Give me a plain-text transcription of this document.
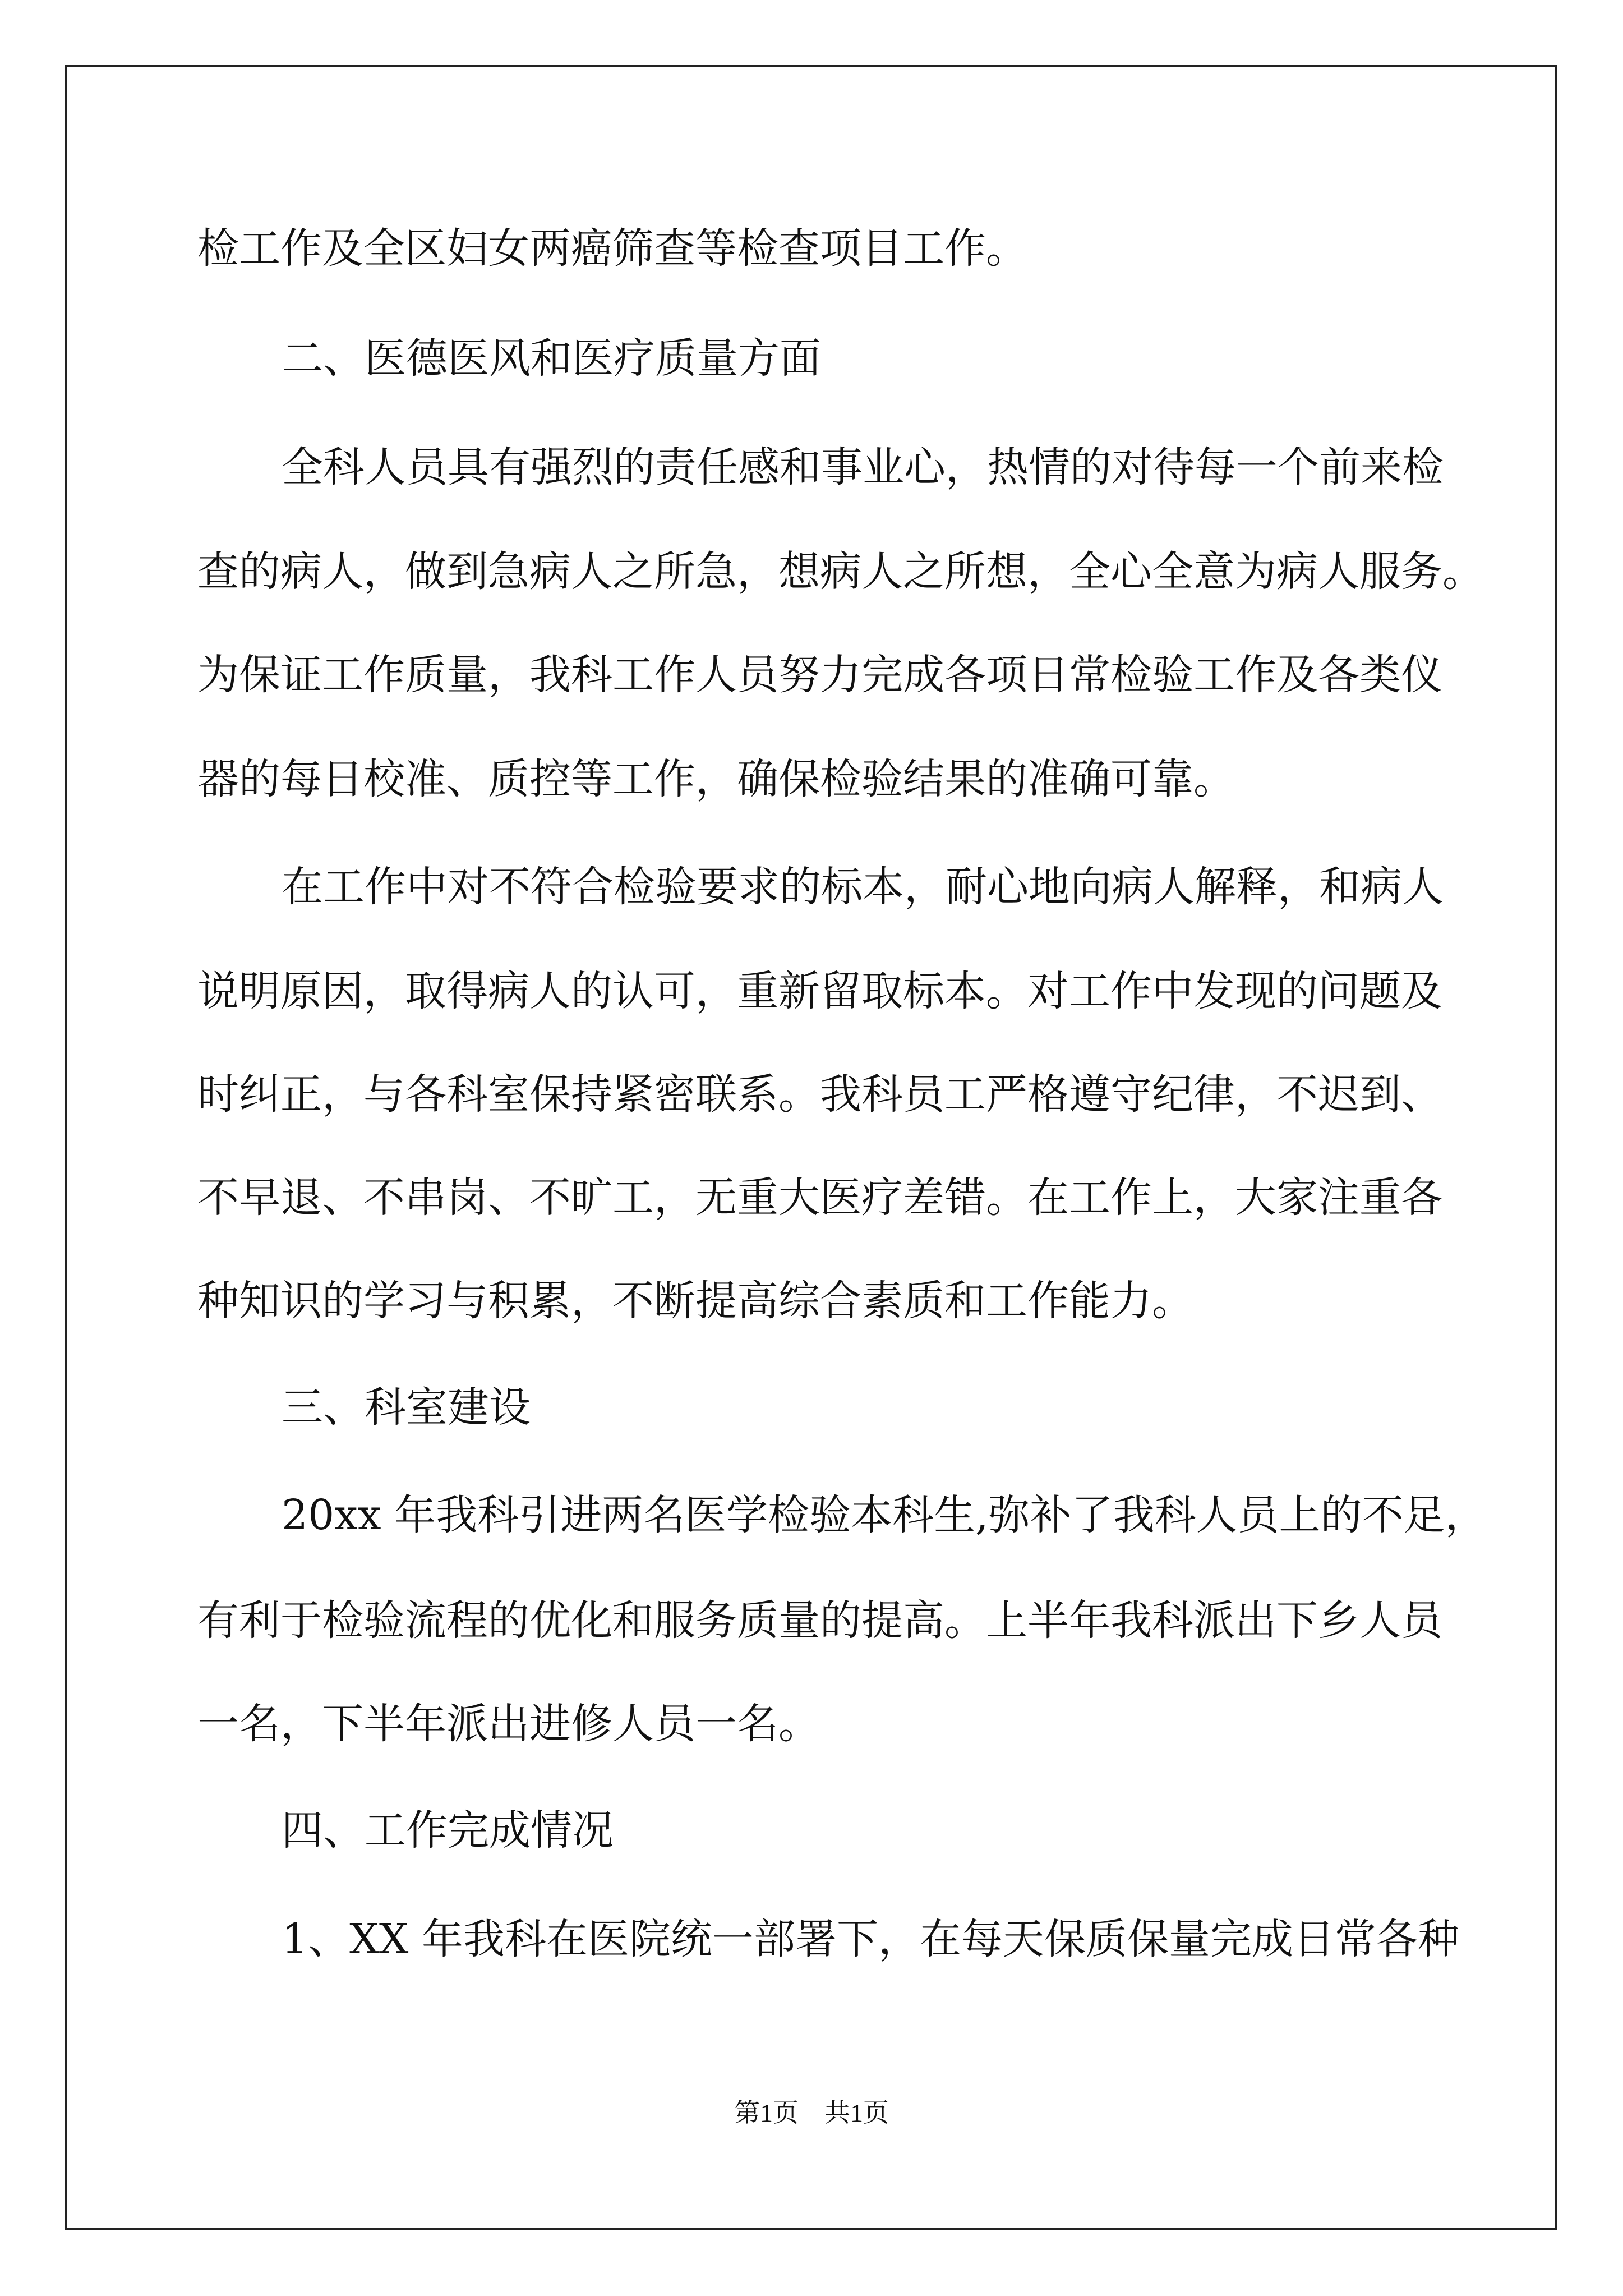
检工作及全区妇女两癌筛查等检查项目工作。
二、医德医风和医疗质量方面
全科人员具有强烈的责任感和事业心，热情的对待每一个前来检
查的病人，做到急病人之所急，想病人之所想，全心全意为病人服务。
为保证工作质量，我科工作人员努力完成各项日常检验工作及各类仪
器的每日校准、质控等工作，确保检验结果的准确可靠。
在工作中对不符合检验要求的标本，耐心地向病人解释，和病人
说明原因，取得病人的认可，重新留取标本。对工作中发现的问题及
时纠正，与各科室保持紧密联系。我科员工严格遵守纪律，不迟到、
不早退、不串岗、不旷工，无重大医疗差错。在工作上，大家注重各
种知识的学习与积累，不断提高综合素质和工作能力。
三、科室建设
20xx 年我科引进两名医学检验本科生,弥补了我科人员上的不足，
有利于检验流程的优化和服务质量的提高。上半年我科派出下乡人员
一名，下半年派出进修人员一名。
四、工作完成情况
1、XX 年我科在医院统一部署下，在每天保质保量完成日常各种
第1页　共1页
